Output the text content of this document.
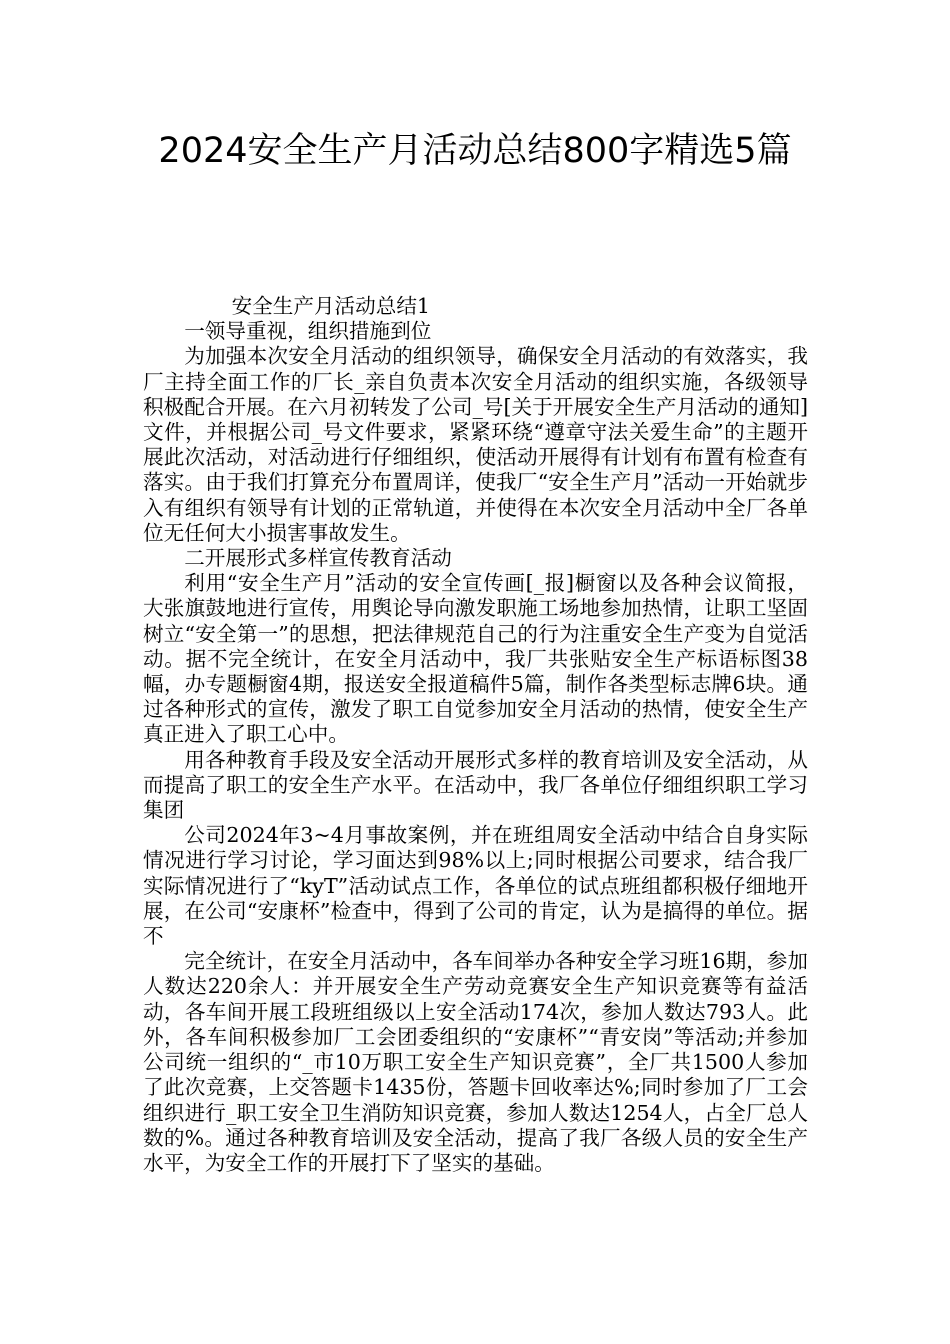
2024安全生产月活动总结800字精选5篇

安全生产月活动总结1

一领导重视，组织措施到位

为加强本次安全月活动的组织领导，确保安全月活动的有效落实，我厂主持全面工作的厂长_亲自负责本次安全月活动的组织实施，各级领导积极配合开展。在六月初转发了公司_号[关于开展安全生产月活动的通知]文件，并根据公司_号文件要求，紧紧环绕“遵章守法关爱生命”的主题开展此次活动，对活动进行仔细组织，使活动开展得有计划有布置有检查有落实。由于我们打算充分布置周详，使我厂“安全生产月”活动一开始就步入有组织有领导有计划的正常轨道，并使得在本次安全月活动中全厂各单位无任何大小损害事故发生。

二开展形式多样宣传教育活动

利用“安全生产月”活动的安全宣传画[_报]橱窗以及各种会议简报，大张旗鼓地进行宣传，用舆论导向激发职施工场地参加热情，让职工坚固树立“安全第一”的思想，把法律规范自己的行为注重安全生产变为自觉活动。据不完全统计，在安全月活动中，我厂共张贴安全生产标语标图38幅，办专题橱窗4期，报送安全报道稿件5篇，制作各类型标志牌6块。通过各种形式的宣传，激发了职工自觉参加安全月活动的热情，使安全生产真正进入了职工心中。

用各种教育手段及安全活动开展形式多样的教育培训及安全活动，从而提高了职工的安全生产水平。在活动中，我厂各单位仔细组织职工学习集团

公司2024年3~4月事故案例，并在班组周安全活动中结合自身实际情况进行学习讨论，学习面达到98%以上;同时根据公司要求，结合我厂实际情况进行了“kyT”活动试点工作，各单位的试点班组都积极仔细地开展，在公司“安康杯”检查中，得到了公司的肯定，认为是搞得的单位。据不

完全统计，在安全月活动中，各车间举办各种安全学习班16期，参加人数达220余人：并开展安全生产劳动竞赛安全生产知识竞赛等有益活动，各车间开展工段班组级以上安全活动174次，参加人数达793人。此外，各车间积极参加厂工会团委组织的“安康杯”“青安岗”等活动;并参加公司统一组织的“_市10万职工安全生产知识竞赛”，全厂共1500人参加了此次竞赛，上交答题卡1435份，答题卡回收率达%;同时参加了厂工会组织进行_职工安全卫生消防知识竞赛，参加人数达1254人，占全厂总人数的%。通过各种教育培训及安全活动，提高了我厂各级人员的安全生产水平，为安全工作的开展打下了坚实的基础。
